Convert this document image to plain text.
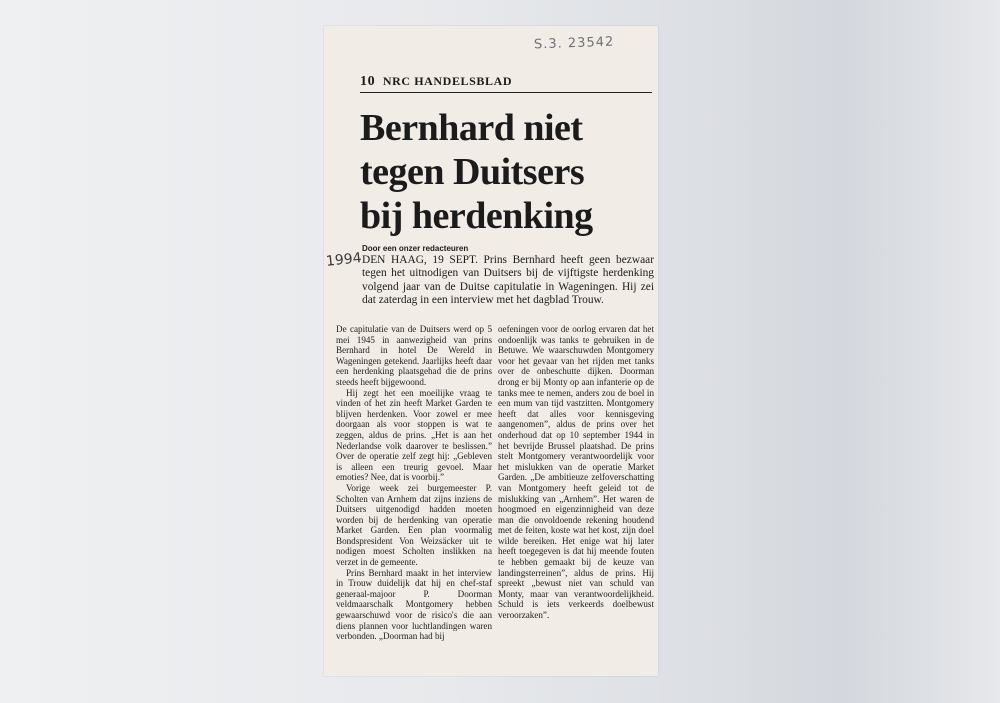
S.3. 23542
10 NRC HANDELSBLAD
Bernhard niet
tegen Duitsers
bij herdenking
1994
Door een onzer redacteuren

DEN HAAG, 19 SEPT. Prins Bernhard heeft geen bezwaar tegen het uitnodigen van Duitsers bij de vijftigste herdenking volgend jaar van de Duitse capitulatie in Wageningen. Hij zei dat zaterdag in een interview met het dagblad Trouw.

De capitulatie van de Duitsers werd op 5 mei 1945 in aanwezigheid van prins Bernhard in hotel De Wereld in Wageningen getekend. Jaarlijks heeft daar een herdenking plaatsgehad die de prins steeds heeft bijgewoond.

Hij zegt het een moeilijke vraag te vinden of het zin heeft Market Garden te blijven herdenken. Voor zowel er mee doorgaan als voor stoppen is wat te zeggen, aldus de prins. „Het is aan het Nederlandse volk daarover te beslissen.” Over de operatie zelf zegt hij: „Gebleven is alleen een treurig gevoel. Maar emoties? Nee, dat is voorbij.”

Vorige week zei burgemeester P. Scholten van Arnhem dat zijns inziens de Duitsers uitgenodigd hadden moeten worden bij de herdenking van operatie Market Garden. Een plan voormalig Bondspresident Von Weizsäcker uit te nodigen moest Scholten inslikken na verzet in de gemeente.

Prins Bernhard maakt in het interview in Trouw duidelijk dat hij en chef-staf generaal-majoor P. Doorman veldmaarschalk Montgomery hebben gewaarschuwd voor de risico's die aan diens plannen voor luchtlandingen waren verbonden. „Doorman had bij

oefeningen voor de oorlog ervaren dat het ondoenlijk was tanks te gebruiken in de Betuwe. We waarschuwden Montgomery voor het gevaar van het rijden met tanks over de onbeschutte dijken. Doorman drong er bij Monty op aan infanterie op de tanks mee te nemen, anders zou de boel in een mum van tijd vastzitten. Montgomery heeft dat alles voor kennisgeving aangenomen”, aldus de prins over het onderhoud dat op 10 september 1944 in het bevrijde Brussel plaatshad. De prins stelt Montgomery verantwoordelijk voor het mislukken van de operatie Market Garden. „De ambitieuze zelfoverschatting van Montgomery heeft geleid tot de mislukking van „Arnhem”. Het waren de hoogmoed en eigenzinnigheid van deze man die onvoldoende rekening houdend met de feiten, koste wat het kost, zijn doel wilde bereiken. Het enige wat hij later heeft toegegeven is dat hij meende fouten te hebben gemaakt bij de keuze van landingsterreinen”, aldus de prins. Hij spreekt „bewust niet van schuld van Monty, maar van verantwoordelijkheid. Schuld is iets verkeerds doelbewust veroorzaken”.
